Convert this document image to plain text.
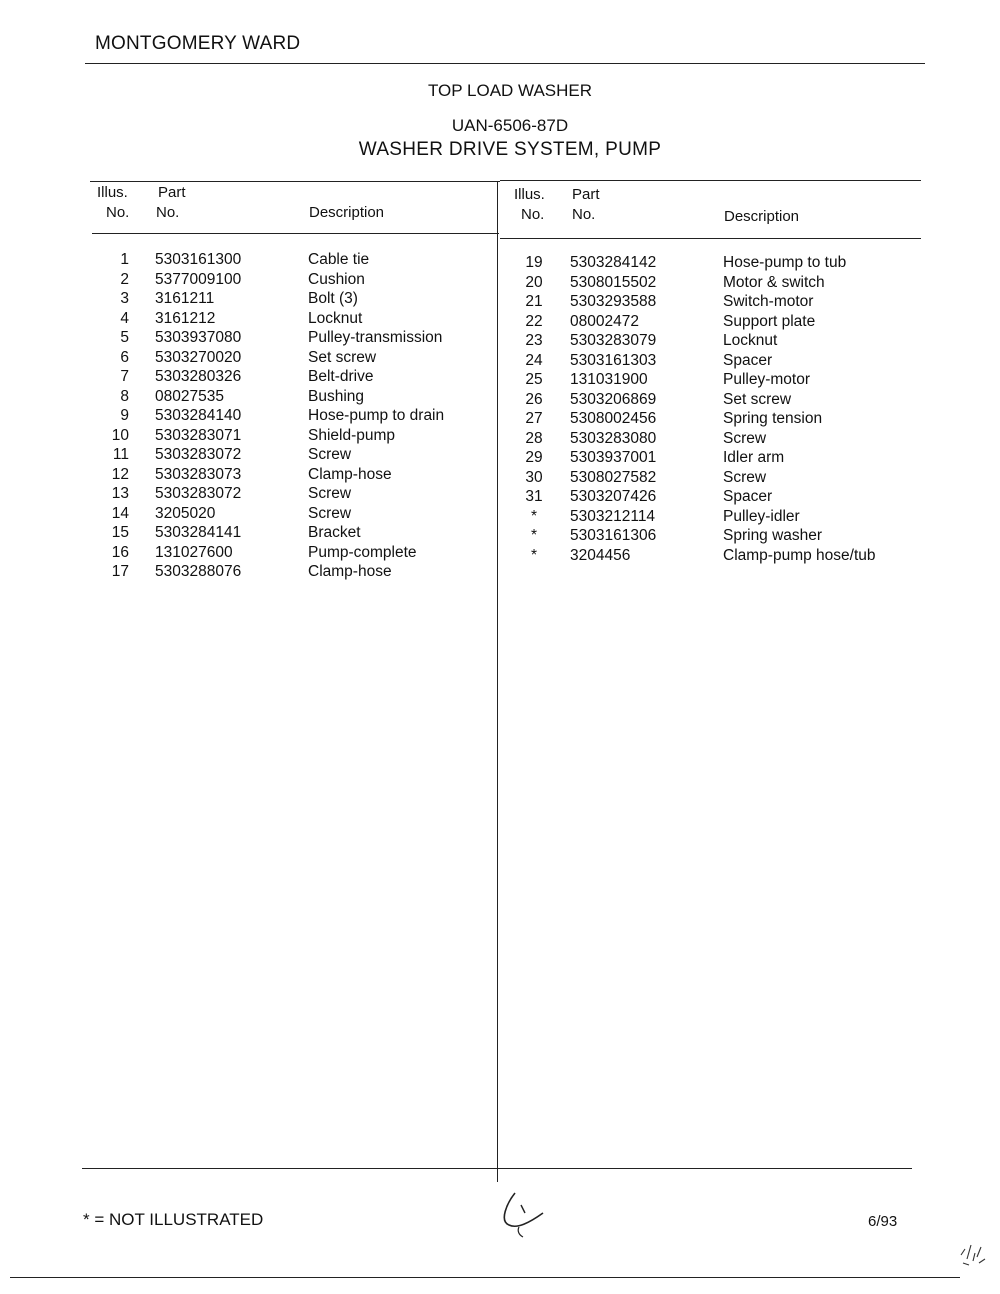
MONTGOMERY WARD
TOP LOAD WASHER
UAN-6506-87D
WASHER DRIVE SYSTEM, PUMP
Illus.
No.
Part
No.	Description
Illus.
No.
Part
No.	Description
1 5303161300	Cable tie
2 5377009100	Cushion
3 3161211	Bolt (3)
4 3161212	Locknut
5 5303937080	Pulley-transmission
6 5303270020	Set screw
7 5303280326	Belt-drive
8 08027535	Bushing
9 5303284140	Hose-pump to drain
10 5303283071	Shield-pump
11 5303283072	Screw
12 5303283073	Clamp-hose
13 5303283072	Screw
14 3205020	Screw
15 5303284141	Bracket
16 131027600	Pump-complete
17 5303288076	Clamp-hose
19	5303284142	Hose-pump to tub
20	5308015502	Motor & switch
21	5303293588	Switch-motor
22	08002472	Support plate
23	5303283079	Locknut
24	5303161303	Spacer
25	131031900	Pulley-motor
26	5303206869	Set screw
27	5308002456	Spring tension
28	5303283080	Screw
29	5303937001	Idler arm
30	5308027582	Screw
31	5303207426	Spacer
*	5303212114	Pulley-idler
*	5303161306	Spring washer
*	3204456	Clamp-pump hose/tub
* = NOT ILLUSTRATED	6/93
